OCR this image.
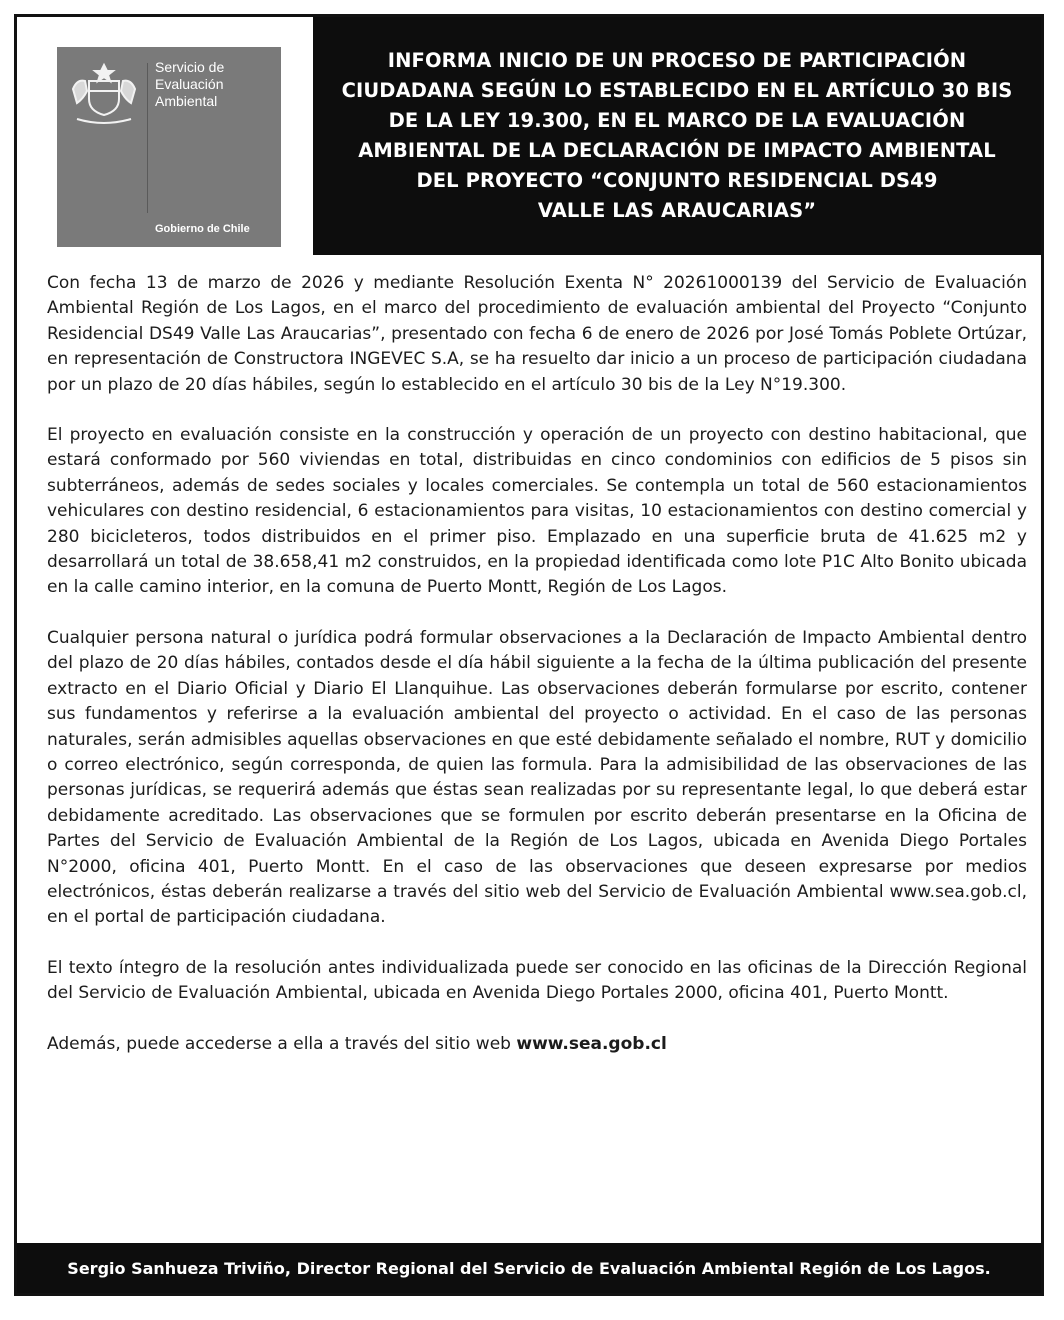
Servicio de
Evaluación
Ambiental
Gobierno de Chile
INFORMA INICIO DE UN PROCESO DE PARTICIPACIÓN
CIUDADANA SEGÚN LO ESTABLECIDO EN EL ARTÍCULO 30 BIS
DE LA LEY 19.300, EN EL MARCO DE LA EVALUACIÓN
AMBIENTAL DE LA DECLARACIÓN DE IMPACTO AMBIENTAL
DEL PROYECTO “CONJUNTO RESIDENCIAL DS49
VALLE LAS ARAUCARIAS”

Con fecha 13 de marzo de 2026 y mediante Resolución Exenta N° 20261000139 del Servicio de Evaluación Ambiental Región de Los Lagos, en el marco del procedimiento de evaluación ambiental del Proyecto “Conjunto Residencial DS49 Valle Las Araucarias”, presentado con fecha 6 de enero de 2026 por José Tomás Poblete Ortúzar, en representación de Constructora INGEVEC S.A, se ha resuelto dar inicio a un proceso de participación ciudadana por un plazo de 20 días hábiles, según lo establecido en el artículo 30 bis de la Ley N°19.300.

El proyecto en evaluación consiste en la construcción y operación de un proyecto con destino habitacional, que estará conformado por 560 viviendas en total, distribuidas en cinco condominios con edificios de 5 pisos sin subterráneos, además de sedes sociales y locales comerciales. Se contempla un total de 560 estacionamientos vehiculares con destino residencial, 6 estacionamientos para visitas, 10 estacionamientos con destino comercial y 280 bicicleteros, todos distribuidos en el primer piso. Emplazado en una superficie bruta de 41.625 m2 y desarrollará un total de 38.658,41 m2 construidos, en la propiedad identificada como lote P1C Alto Bonito ubicada en la calle camino interior, en la comuna de Puerto Montt, Región de Los Lagos.

Cualquier persona natural o jurídica podrá formular observaciones a la Declaración de Impacto Ambiental dentro del plazo de 20 días hábiles, contados desde el día hábil siguiente a la fecha de la última publicación del presente extracto en el Diario Oficial y Diario El Llanquihue. Las observaciones deberán formularse por escrito, contener sus fundamentos y referirse a la evaluación ambiental del proyecto o actividad. En el caso de las personas naturales, serán admisibles aquellas observaciones en que esté debidamente señalado el nombre, RUT y domicilio o correo electrónico, según corresponda, de quien las formula. Para la admisibilidad de las observaciones de las personas jurídicas, se requerirá además que éstas sean realizadas por su representante legal, lo que deberá estar debidamente acreditado. Las observaciones que se formulen por escrito deberán presentarse en la Oficina de Partes del Servicio de Evaluación Ambiental de la Región de Los Lagos, ubicada en Avenida Diego Portales N°2000, oficina 401, Puerto Montt. En el caso de las observaciones que deseen expresarse por medios electrónicos, éstas deberán realizarse a través del sitio web del Servicio de Evaluación Ambiental www.sea.gob.cl, en el portal de participación ciudadana.

El texto íntegro de la resolución antes individualizada puede ser conocido en las oficinas de la Dirección Regional del Servicio de Evaluación Ambiental, ubicada en Avenida Diego Portales 2000, oficina 401, Puerto Montt.

Además, puede accederse a ella a través del sitio web www.sea.gob.cl

Sergio Sanhueza Triviño, Director Regional del Servicio de Evaluación Ambiental Región de Los Lagos.
